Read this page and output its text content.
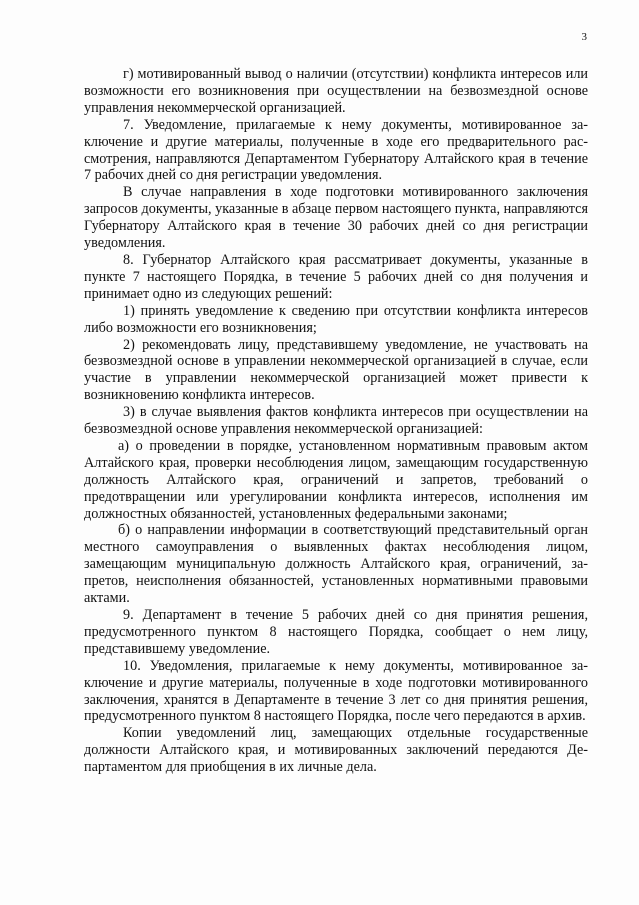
3

г) мотивированный вывод о наличии (отсутствии) конфликта интересов или возможности его возникновения при осуществлении на безвозмездной основе управления некоммерческой организацией.

7. Уведомление, прилагаемые к нему документы, мотивированное заключение и другие материалы, полученные в ходе его предварительного рассмотрения, направляются Департаментом Губернатору Алтайского края в течение 7 рабочих дней со дня регистрации уведомления.

В случае направления в ходе подготовки мотивированного заключения запросов документы, указанные в абзаце первом настоящего пункта, направляются Губернатору Алтайского края в течение 30 рабочих дней со дня регистрации уведомления.

8. Губернатор Алтайского края рассматривает документы, указанные в пункте 7 настоящего Порядка, в течение 5 рабочих дней со дня получения и принимает одно из следующих решений:

1) принять уведомление к сведению при отсутствии конфликта интересов либо возможности его возникновения;

2) рекомендовать лицу, представившему уведомление, не участвовать на безвозмездной основе в управлении некоммерческой организацией в случае, если участие в управлении некоммерческой организацией может привести к возникновению конфликта интересов.

3) в случае выявления фактов конфликта интересов при осуществлении на безвозмездной основе управления некоммерческой организацией:

а) о проведении в порядке, установленном нормативным правовым актом Алтайского края, проверки несоблюдения лицом, замещающим государственную должность Алтайского края, ограничений и запретов, требований о предотвращении или урегулировании конфликта интересов, исполнения им должностных обязанностей, установленных федеральными законами;

б) о направлении информации в соответствующий представительный орган местного самоуправления о выявленных фактах несоблюдения лицом, замещающим муниципальную должность Алтайского края, ограничений, запретов, неисполнения обязанностей, установленных нормативными правовыми актами.

9. Департамент в течение 5 рабочих дней со дня принятия решения, предусмотренного пунктом 8 настоящего Порядка, сообщает о нем лицу, представившему уведомление.

10. Уведомления, прилагаемые к нему документы, мотивированное заключение и другие материалы, полученные в ходе подготовки мотивированного заключения, хранятся в Департаменте в течение 3 лет со дня принятия решения, предусмотренного пунктом 8 настоящего Порядка, после чего передаются в архив.

Копии уведомлений лиц, замещающих отдельные государственные должности Алтайского края, и мотивированных заключений передаются Департаментом для приобщения в их личные дела.
